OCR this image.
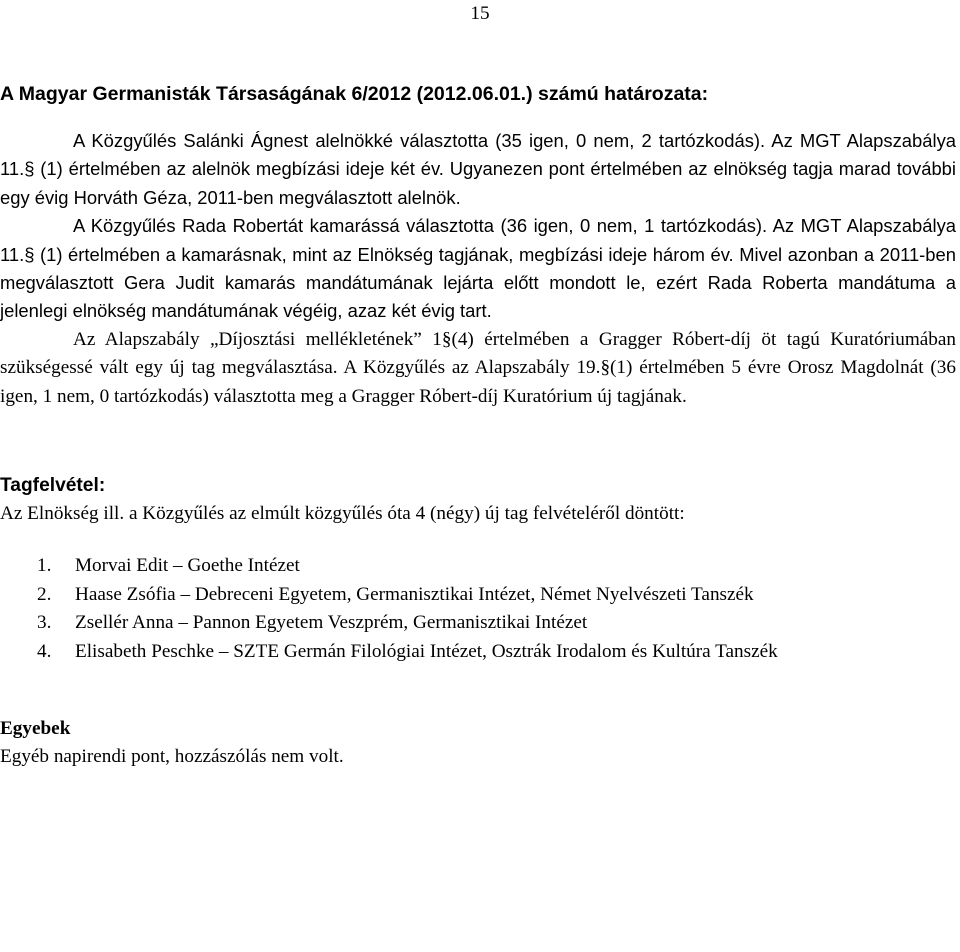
15
A Magyar Germanisták Társaságának 6/2012 (2012.06.01.) számú határozata:

A Közgyűlés Salánki Ágnest alelnökké választotta (35 igen, 0 nem, 2 tartózkodás). Az MGT Alapszabálya 11.§ (1) értelmében az alelnök megbízási ideje két év. Ugyanezen pont értelmében az elnökség tagja marad további egy évig Horváth Géza, 2011-ben megválasztott alelnök.

A Közgyűlés Rada Robertát kamarássá választotta (36 igen, 0 nem, 1 tartózkodás). Az MGT Alapszabálya 11.§ (1) értelmében a kamarásnak, mint az Elnökség tagjának, megbízási ideje három év. Mivel azonban a 2011-ben megválasztott Gera Judit kamarás mandátumának lejárta előtt mondott le, ezért Rada Roberta mandátuma a jelenlegi elnökség mandátumának végéig, azaz két évig tart.

Az Alapszabály „Díjosztási mellékletének” 1§(4) értelmében a Gragger Róbert-díj öt tagú Kuratóriumában szükségessé vált egy új tag megválasztása. A Közgyűlés az Alapszabály 19.§(1) értelmében 5 évre Orosz Magdolnát (36 igen, 1 nem, 0 tartózkodás) választotta meg a Gragger Róbert-díj Kuratórium új tagjának.

Tagfelvétel:

Az Elnökség ill. a Közgyűlés az elmúlt közgyűlés óta 4 (négy) új tag felvételéről döntött:

1. Morvai Edit – Goethe Intézet
2. Haase Zsófia – Debreceni Egyetem, Germanisztikai Intézet, Német Nyelvészeti Tanszék
3. Zsellér Anna – Pannon Egyetem Veszprém, Germanisztikai Intézet
4. Elisabeth Peschke – SZTE Germán Filológiai Intézet, Osztrák Irodalom és Kultúra Tanszék
Egyebek

Egyéb napirendi pont, hozzászólás nem volt.
